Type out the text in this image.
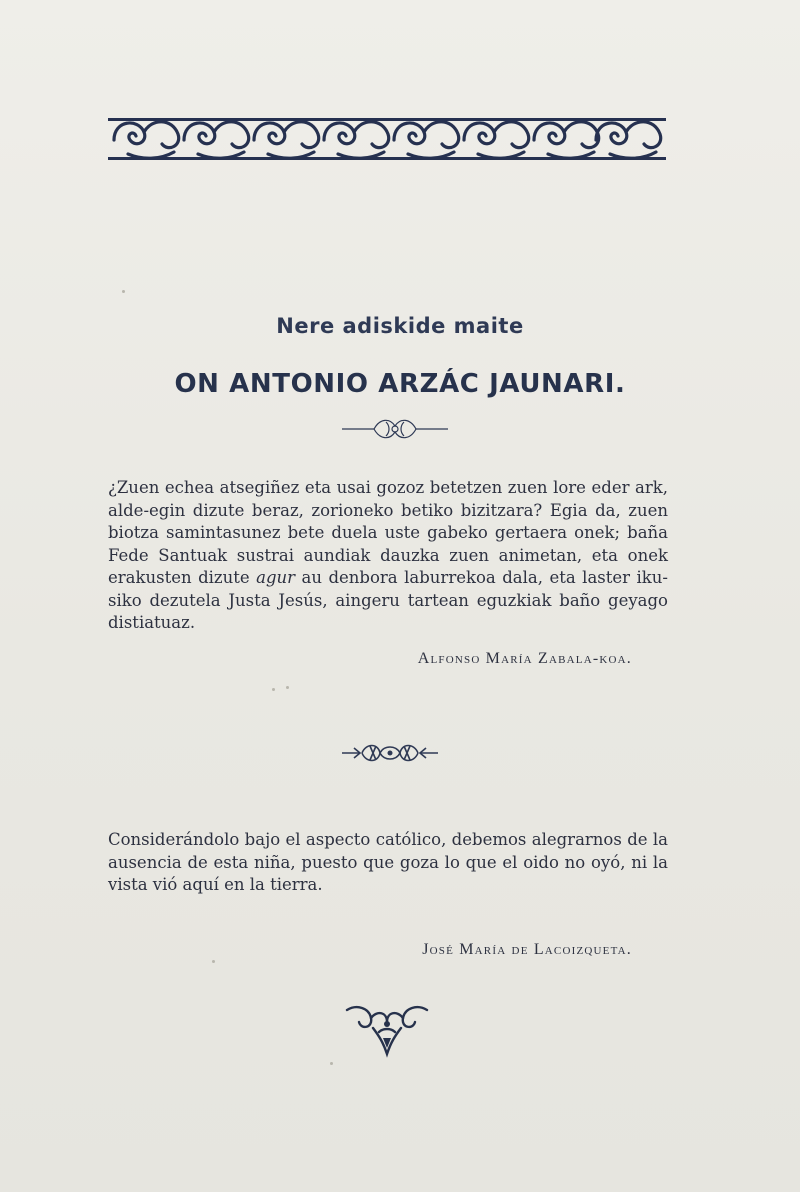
Nere adiskide maite
ON ANTONIO ARZÁC JAUNARI.
¿Zuen echea atsegiñez eta usai gozoz betetzen zuen lore eder ark, alde-egin dizute beraz, zorioneko betiko bizitzara? Egia da, zuen biotza samintasunez bete duela uste gabeko gertaera onek; baña Fede Santuak sustrai aundiak dauzka zuen animetan, eta onek erakusten dizute agur au denbora laburrekoa dala, eta laster iku-siko dezutela Justa Jesús, aingeru tartean eguzkiak baño geyago distiatuaz.
Alfonso María Zabala-koa.
Considerándolo bajo el aspecto católico, debemos alegrarnos de la ausencia de esta niña, puesto que goza lo que el oido no oyó, ni la vista vió aquí en la tierra.
José María de Lacoizqueta.
